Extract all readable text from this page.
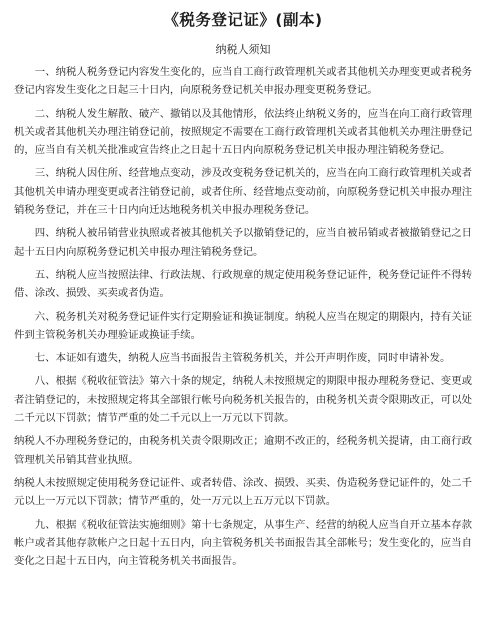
《税务登记证》(副本)
纳税人须知

一、纳税人税务登记内容发生变化的，应当自工商行政管理机关或者其他机关办理变更或者税务登记内容发生变化之日起三十日内，向原税务登记机关申报办理变更税务登记。

二、纳税人发生解散、破产、撤销以及其他情形，依法终止纳税义务的，应当在向工商行政管理机关或者其他机关办理注销登记前，按照规定不需要在工商行政管理机关或者其他机关办理注册登记的，应当自有关机关批准或宣告终止之日起十五日内向原税务登记机关申报办理注销税务登记。

三、纳税人因住所、经营地点变动，涉及改变税务登记机关的，应当在向工商行政管理机关或者其他机关申请办理变更或者注销登记前，或者住所、经营地点变动前，向原税务登记机关申报办理注销税务登记，并在三十日内向迁达地税务机关申报办理税务登记。

四、纳税人被吊销营业执照或者被其他机关予以撤销登记的，应当自被吊销或者被撤销登记之日起十五日内向原税务登记机关申报办理注销税务登记。

五、纳税人应当按照法律、行政法规、行政规章的规定使用税务登记证件，税务登记证件不得转借、涂改、损毁、买卖或者伪造。

六、税务机关对税务登记证件实行定期验证和换证制度。纳税人应当在规定的期限内，持有关证件到主管税务机关办理验证或换证手续。

七、本证如有遗失，纳税人应当书面报告主管税务机关，并公开声明作废，同时申请补发。

八、根据《税收征管法》第六十条的规定，纳税人未按照规定的期限申报办理税务登记、变更或者注销登记的，未按照规定将其全部银行帐号向税务机关报告的，由税务机关责令限期改正，可以处二千元以下罚款；情节严重的处二千元以上一万元以下罚款。

纳税人不办理税务登记的，由税务机关责令限期改正；逾期不改正的，经税务机关提请，由工商行政管理机关吊销其营业执照。

纳税人未按照规定使用税务登记证件、或者转借、涂改、损毁、买卖、伪造税务登记证件的，处二千元以上一万元以下罚款；情节严重的，处一万元以上五万元以下罚款。

九、根据《税收征管法实施细则》第十七条规定，从事生产、经营的纳税人应当自开立基本存款帐户或者其他存款帐户之日起十五日内，向主管税务机关书面报告其全部帐号；发生变化的，应当自变化之日起十五日内，向主管税务机关书面报告。
